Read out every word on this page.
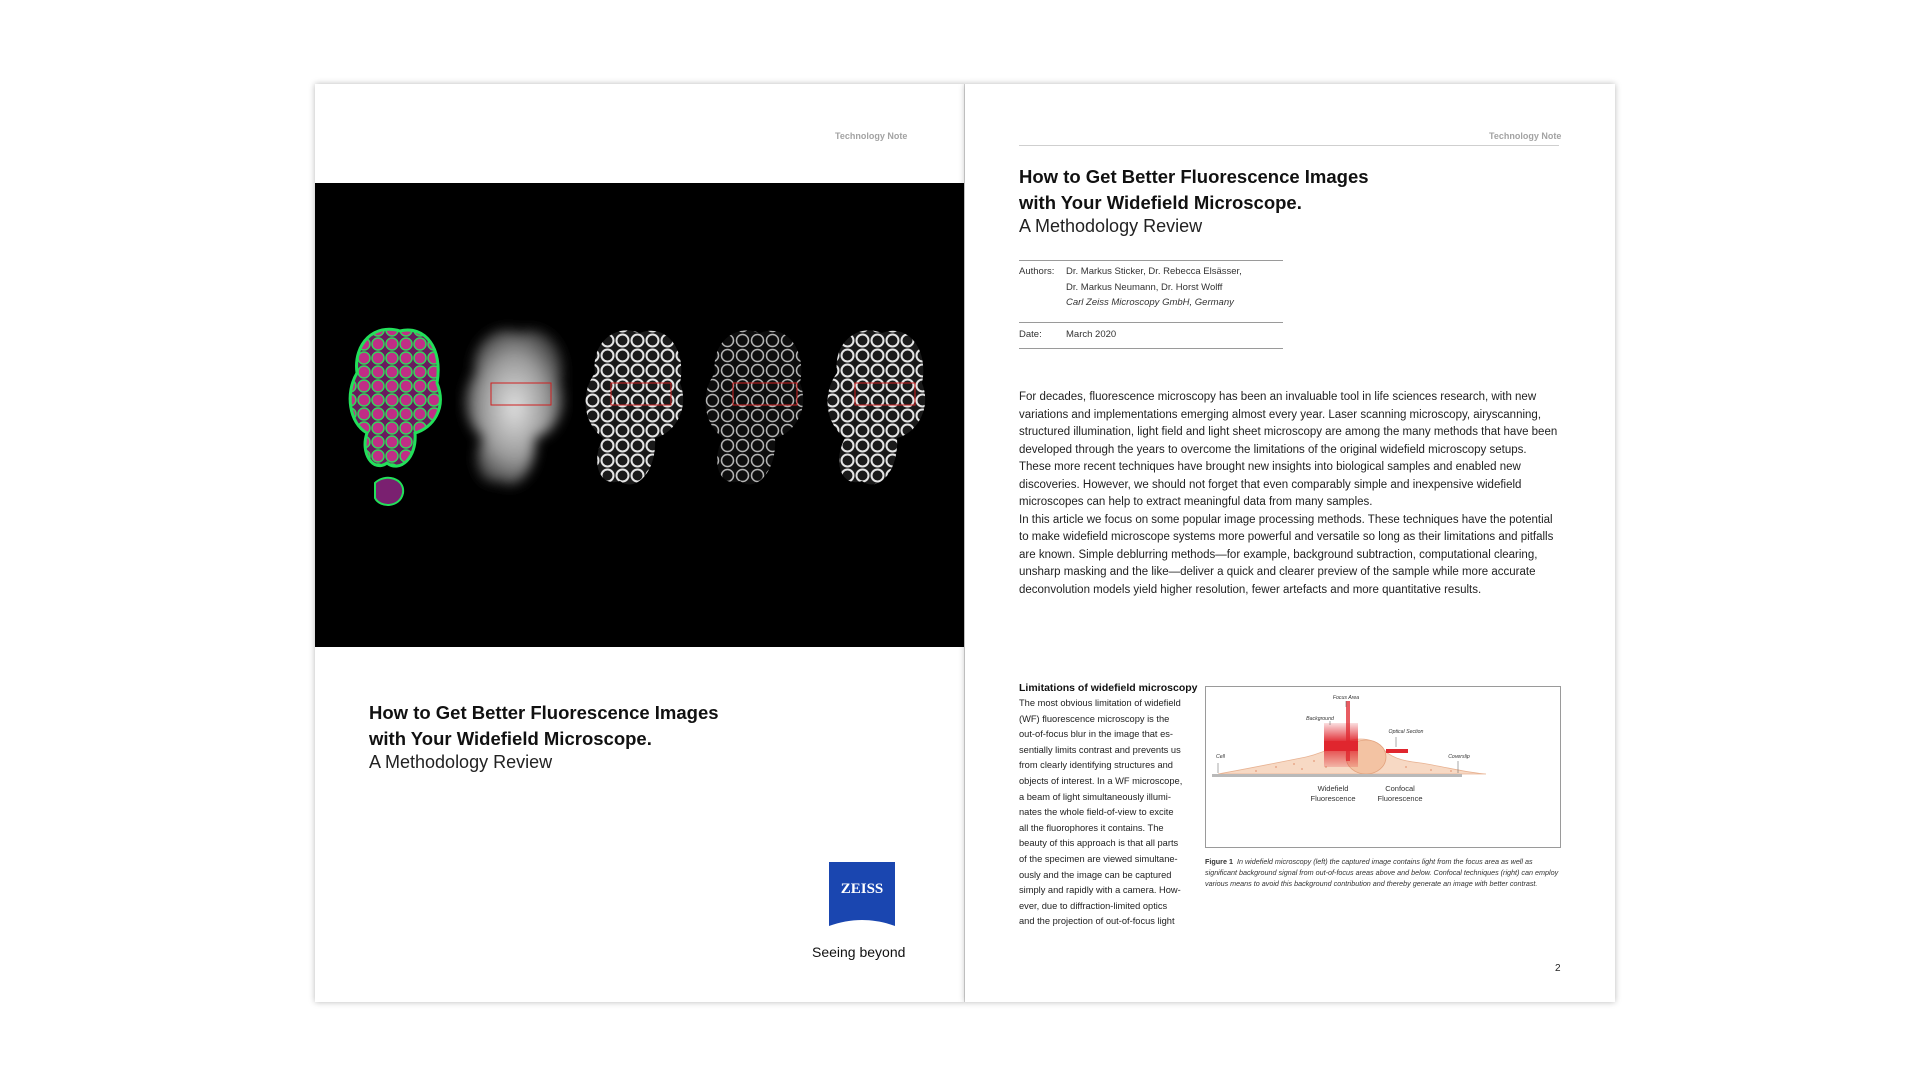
Technology Note
How to Get Better Fluorescence Images
with Your Widefield Microscope.
A Methodology Review
ZEISS
Seeing beyond
Technology Note
How to Get Better Fluorescence Images
with Your Widefield Microscope.
A Methodology Review
Authors: Dr. Markus Sticker, Dr. Rebecca Elsässer,
Dr. Markus Neumann, Dr. Horst Wolff
Carl Zeiss Microscopy GmbH, Germany
Date:	March 2020

For decades, fluorescence microscopy has been an invaluable tool in life sciences research, with new variations and implementations emerging almost every year. Laser scanning microscopy, airyscanning, structured illumination, light field and light sheet microscopy are among the many methods that have been developed through the years to overcome the limitations of the original widefield microscopy setups.

These more recent techniques have brought new insights into biological samples and enabled new discoveries. However, we should not forget that even comparably simple and inexpensive widefield microscopes can help to extract meaningful data from many samples.

In this article we focus on some popular image processing methods. These techniques have the potential to make widefield microscope systems more powerful and versatile so long as their limitations and pitfalls are known. Simple deblurring methods—for example, background subtraction, computational clearing, unsharp masking and the like—deliver a quick and clearer preview of the sample while more accurate deconvolution models yield higher resolution, fewer artefacts and more quantitative results.

Limitations of widefield microscopy
The most obvious limitation of widefield
(WF) fluorescence microscopy is the
out-of-focus blur in the image that es-
sentially limits contrast and prevents us
from clearly identifying structures and
objects of interest. In a WF microscope,
a beam of light simultaneously illumi-
nates the whole field-of-view to excite
all the fluorophores it contains. The
beauty of this approach is that all parts
of the specimen are viewed simultane-
ously and the image can be captured
simply and rapidly with a camera. How-
ever, due to diffraction-limited optics
and the projection of out-of-focus light
Focus Area
Background
Optical Section
Cell	Coverslip
Widefield
Fluorescence
Confocal
Fluorescence
Figure 1 In widefield microscopy (left) the captured image contains light from the focus area as well as significant background signal from out-of-focus areas above and below. Confocal techniques (right) can employ various means to avoid this background contribution and thereby generate an image with better contrast.
2
